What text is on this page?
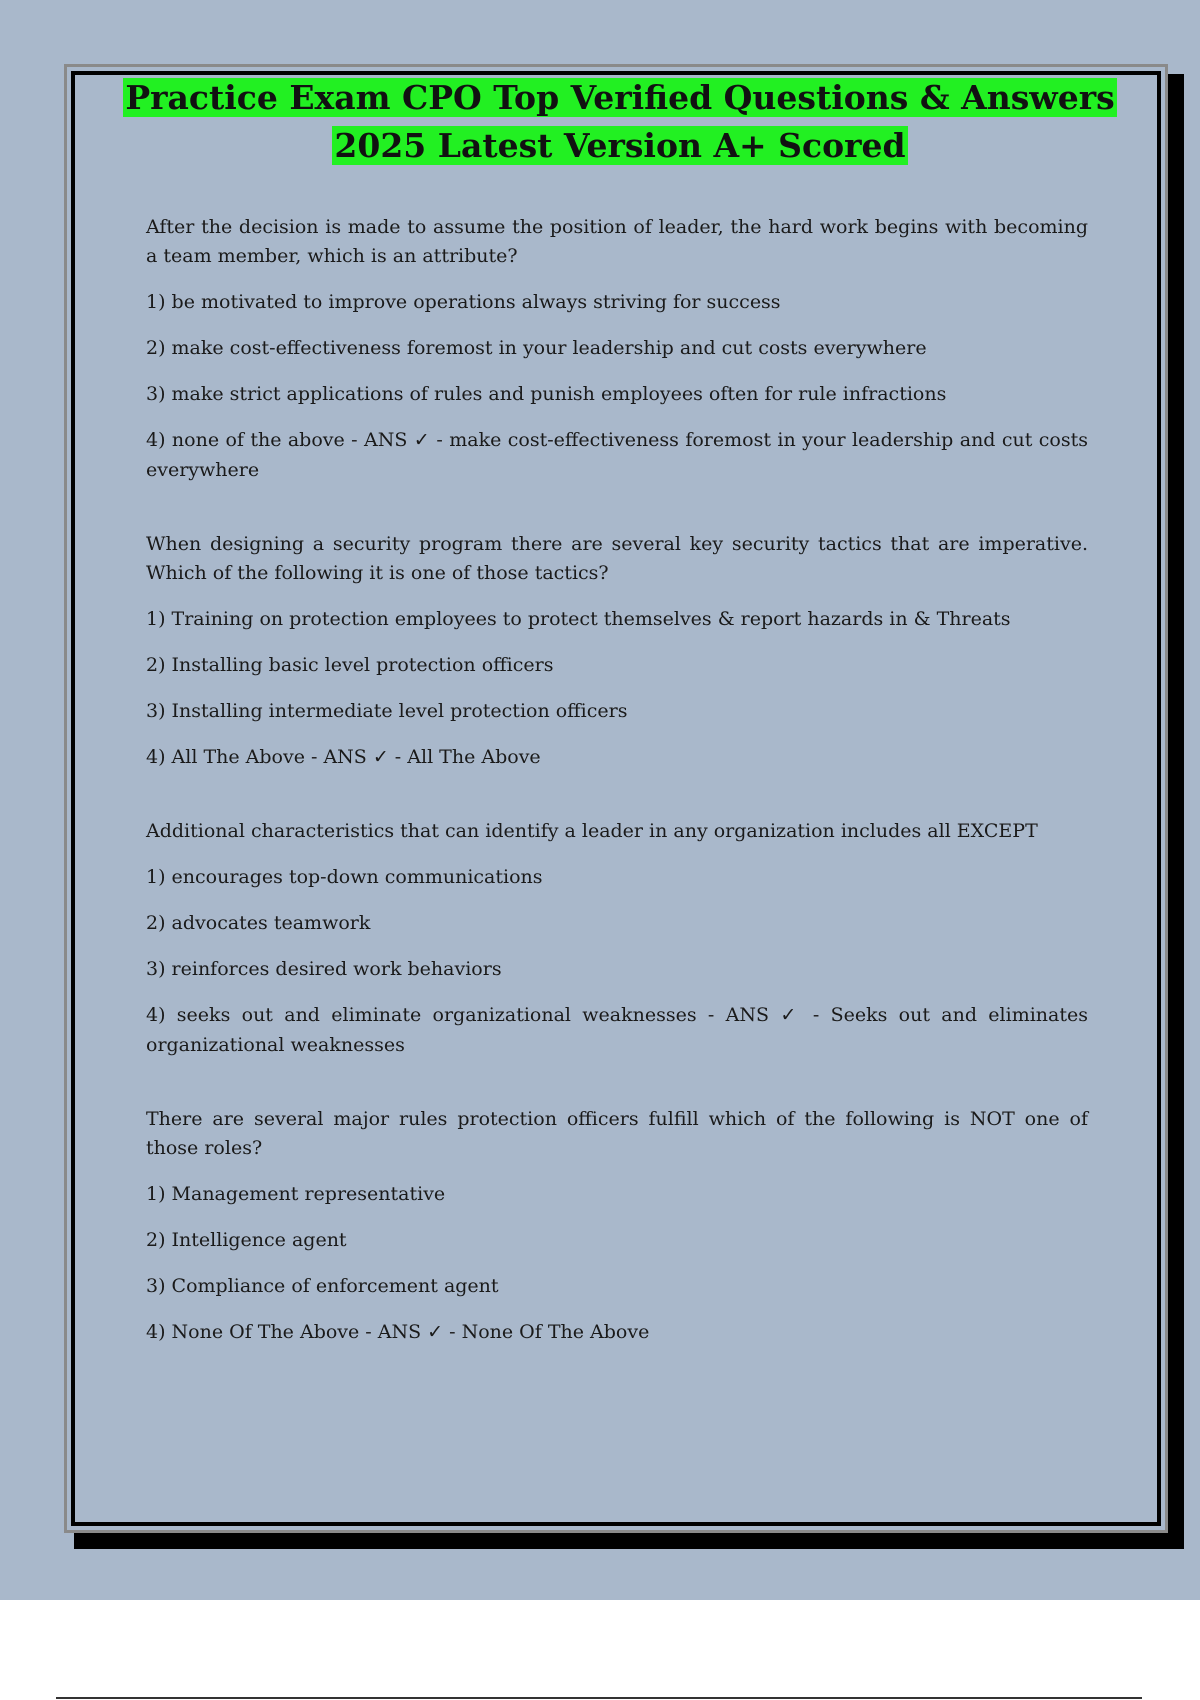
Practice Exam CPO Top Verified Questions & Answers
2025 Latest Version A+ Scored

After the decision is made to assume the position of leader, the hard work begins with becoming a team member, which is an attribute?

1) be motivated to improve operations always striving for success

2) make cost-effectiveness foremost in your leadership and cut costs everywhere

3) make strict applications of rules and punish employees often for rule infractions

4) none of the above - ANS ✓ - make cost-effectiveness foremost in your leadership and cut costs everywhere

When designing a security program there are several key security tactics that are imperative. Which of the following it is one of those tactics?

1) Training on protection employees to protect themselves & report hazards in & Threats

2) Installing basic level protection officers

3) Installing intermediate level protection officers

4) All The Above - ANS ✓ - All The Above

Additional characteristics that can identify a leader in any organization includes all EXCEPT

1) encourages top-down communications

2) advocates teamwork

3) reinforces desired work behaviors

4) seeks out and eliminate organizational weaknesses - ANS ✓ - Seeks out and eliminates organizational weaknesses

There are several major rules protection officers fulfill which of the following is NOT one of those roles?

1) Management representative

2) Intelligence agent

3) Compliance of enforcement agent

4) None Of The Above - ANS ✓ - None Of The Above
